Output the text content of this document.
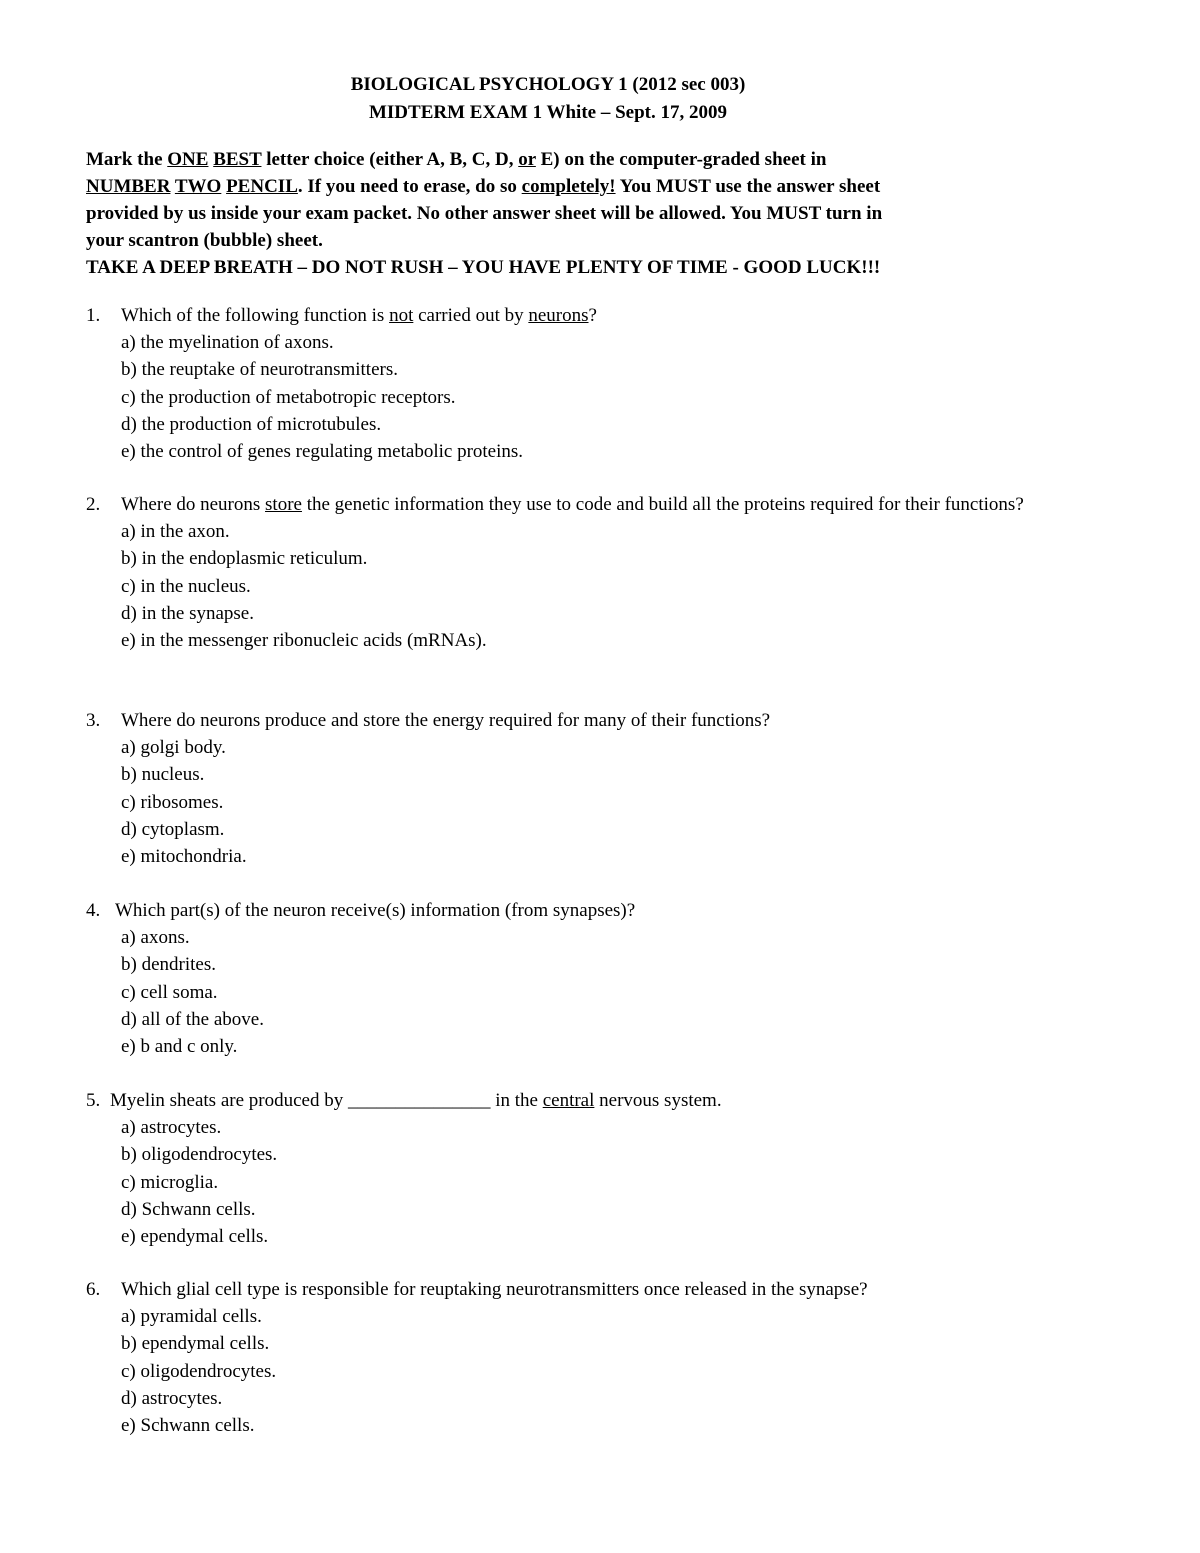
BIOLOGICAL PSYCHOLOGY 1 (2012 sec 003)
MIDTERM EXAM 1 White – Sept. 17, 2009
Mark the ONE BEST letter choice (either A, B, C, D, or E) on the computer-graded sheet in
NUMBER TWO PENCIL. If you need to erase, do so completely! You MUST use the answer sheet
provided by us inside your exam packet. No other answer sheet will be allowed. You MUST turn in
your scantron (bubble) sheet.
TAKE A DEEP BREATH – DO NOT RUSH – YOU HAVE PLENTY OF TIME - GOOD LUCK!!!
1.	Which of the following function is not carried out by neurons?
a) the myelination of axons.
b) the reuptake of neurotransmitters.
c) the production of metabotropic receptors.
d) the production of microtubules.
e) the control of genes regulating metabolic proteins.
2.	Where do neurons store the genetic information they use to code and build all the proteins required for their functions?
a) in the axon.
b) in the endoplasmic reticulum.
c) in the nucleus.
d) in the synapse.
e) in the messenger ribonucleic acids (mRNAs).
3.	Where do neurons produce and store the energy required for many of their functions?
a) golgi body.
b) nucleus.
c) ribosomes.
d) cytoplasm.
e) mitochondria.
4. Which part(s) of the neuron receive(s) information (from synapses)?
a) axons.
b) dendrites.
c) cell soma.
d) all of the above.
e) b and c only.
5. Myelin sheats are produced by _______________ in the central nervous system.
a) astrocytes.
b) oligodendrocytes.
c) microglia.
d) Schwann cells.
e) ependymal cells.
6.	Which glial cell type is responsible for reuptaking neurotransmitters once released in the synapse?
a) pyramidal cells.
b) ependymal cells.
c) oligodendrocytes.
d) astrocytes.
e) Schwann cells.
